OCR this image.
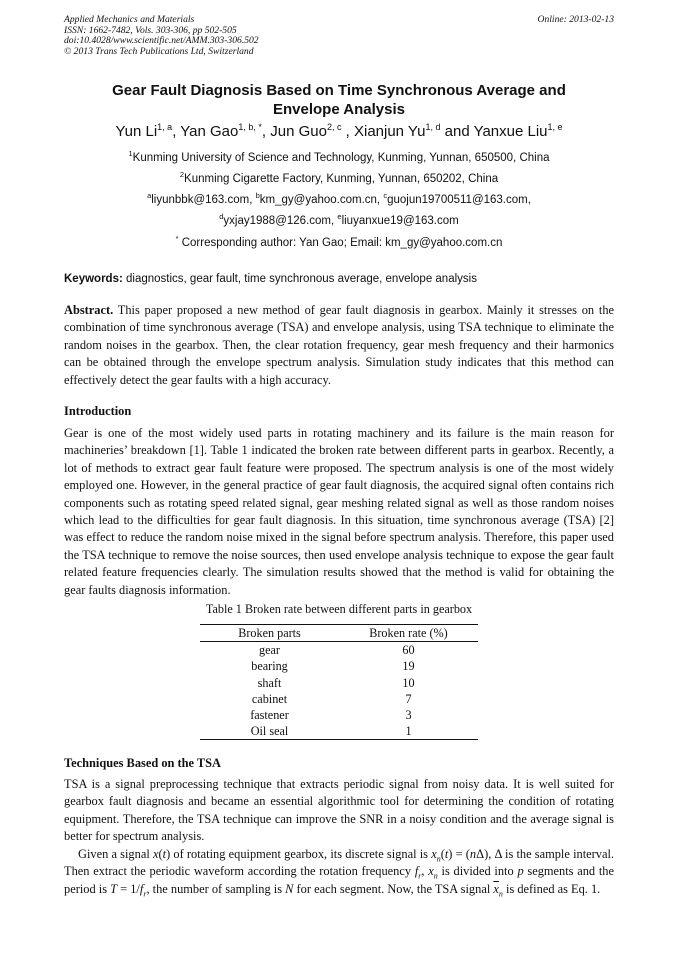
Applied Mechanics and Materials
ISSN: 1662-7482, Vols. 303-306, pp 502-505
doi:10.4028/www.scientific.net/AMM.303-306.502
© 2013 Trans Tech Publications Ltd, Switzerland
Online: 2013-02-13
Gear Fault Diagnosis Based on Time Synchronous Average and
Envelope Analysis
Yun Li$^{1, a}$, Yan Gao$^{1, b, *}$, Jun Guo$^{2, c}$ , Xianjun Yu$^{1, d}$ and Yanxue Liu$^{1, e}$
$^1$Kunming University of Science and Technology, Kunming, Yunnan, 650500, China
$^2$Kunming Cigarette Factory, Kunming, Yunnan, 650202, China
$^a$liyunbbk@163.com, $^b$km_gy@yahoo.com.cn, $^c$guojun19700511@163.com,
$^d$yxjay1988@126.com, $^e$liuyanxue19@163.com
* Corresponding author: Yan Gao; Email: km_gy@yahoo.com.cn
Keywords: diagnostics, gear fault, time synchronous average, envelope analysis
Abstract. This paper proposed a new method of gear fault diagnosis in gearbox. Mainly it stresses on the combination of time synchronous average (TSA) and envelope analysis, using TSA technique to eliminate the random noises in the gearbox. Then, the clear rotation frequency, gear mesh frequency and their harmonics can be obtained through the envelope spectrum analysis. Simulation study indicates that this method can effectively detect the gear faults with a high accuracy.
Introduction
Gear is one of the most widely used parts in rotating machinery and its failure is the main reason for machineries’ breakdown [1]. Table 1 indicated the broken rate between different parts in gearbox. Recently, a lot of methods to extract gear fault feature were proposed. The spectrum analysis is one of the most widely employed one. However, in the general practice of gear fault diagnosis, the acquired signal often contains rich components such as rotating speed related signal, gear meshing related signal as well as those random noises which lead to the difficulties for gear fault diagnosis. In this situation, time synchronous average (TSA) [2] was effect to reduce the random noise mixed in the signal before spectrum analysis. Therefore, this paper used the TSA technique to remove the noise sources, then used envelope analysis technique to expose the gear fault related feature frequencies clearly. The simulation results showed that the method is valid for obtaining the gear faults diagnosis information.
Table 1 Broken rate between different parts in gearbox
Broken parts	Broken rate (%)
gear	60
bearing	19
shaft	10
cabinet	7
fastener	3
Oil seal	1
Techniques Based on the TSA
TSA is a signal preprocessing technique that extracts periodic signal from noisy data. It is well suited for gearbox fault diagnosis and became an essential algorithmic tool for determining the condition of rotating equipment. Therefore, the TSA technique can improve the SNR in a noisy condition and the average signal is better for spectrum analysis.
Given a signal x(t) of rotating equipment gearbox, its discrete signal is $x_n(t) = (n\Delta)$, Δ is the sample interval. Then extract the periodic waveform according the rotation frequency $f_r$, $x_n$ is divided into p segments and the period is $T = 1/f_r$, the number of sampling is N for each segment. Now, the TSA signal $\overline{x}_n$ is defined as Eq. 1.
